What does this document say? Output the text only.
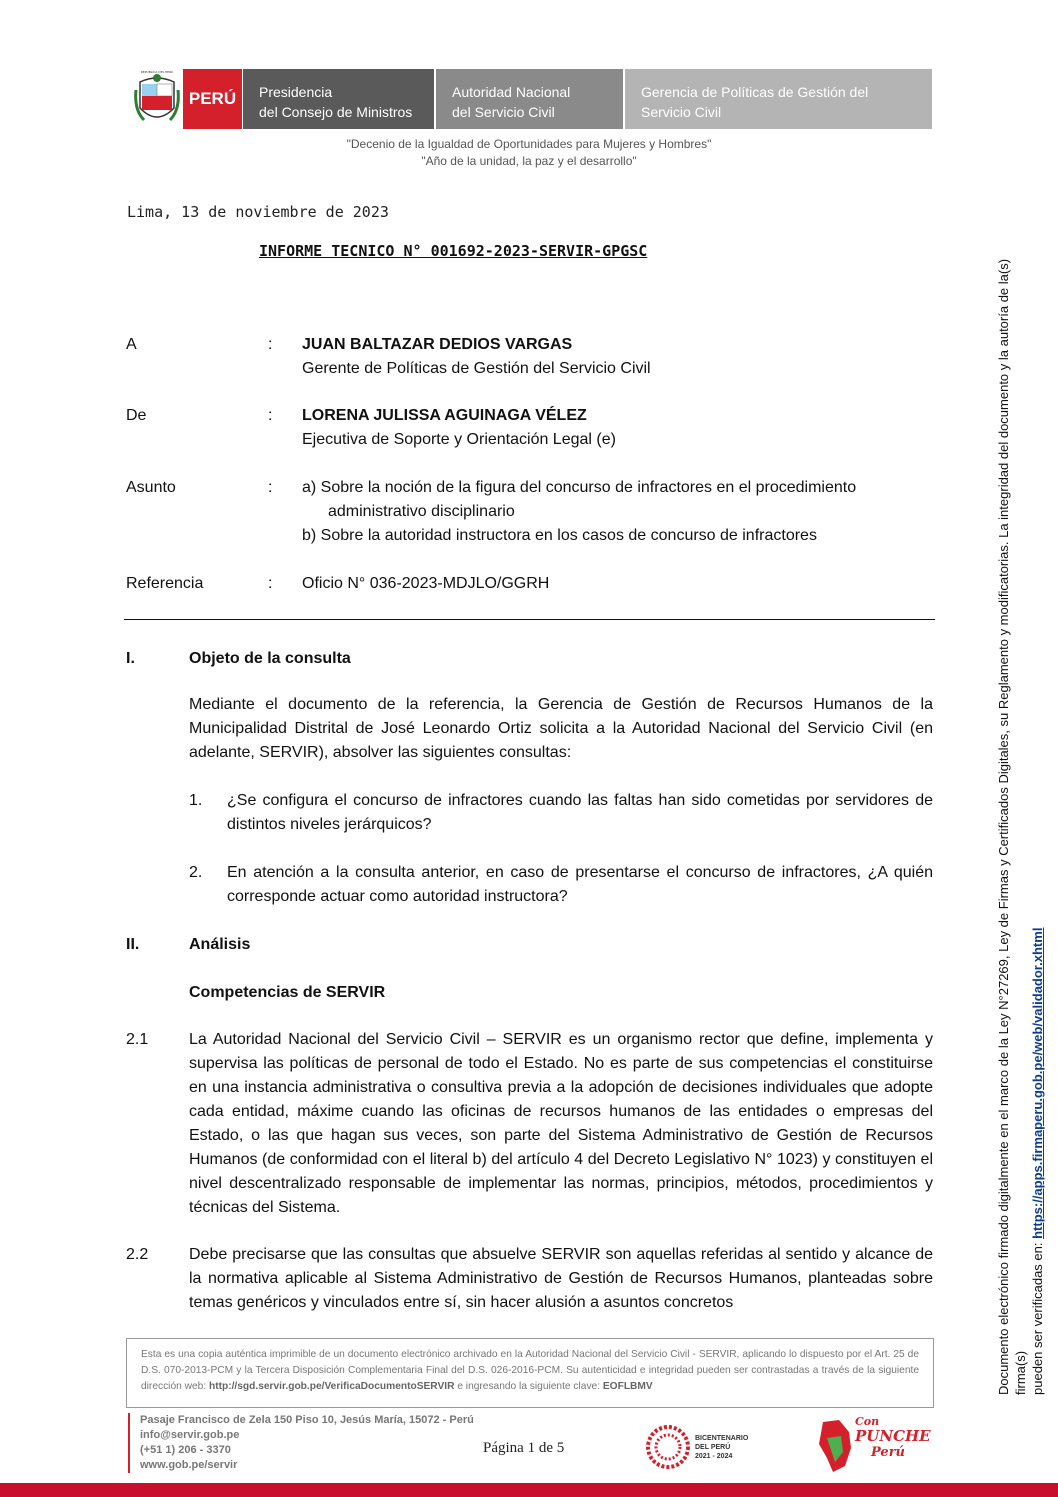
REPÚBLICA DEL PERÚ
PERÚ	Presidencia
del Consejo de Ministros
Autoridad Nacional
del Servicio Civil
Gerencia de Políticas de Gestión del
Servicio Civil
"Decenio de la Igualdad de Oportunidades para Mujeres y Hombres"
"Año de la unidad, la paz y el desarrollo"
Lima, 13 de noviembre de 2023
INFORME TECNICO N° 001692-2023-SERVIR-GPGSC
A	: JUAN BALTAZAR DEDIOS VARGAS
Gerente de Políticas de Gestión del Servicio Civil
De	: LORENA JULISSA AGUINAGA VÉLEZ
Ejecutiva de Soporte y Orientación Legal (e)
Asunto	: a) Sobre la noción de la figura del concurso de infractores en el procedimiento
administrativo disciplinario
b) Sobre la autoridad instructora en los casos de concurso de infractores
Referencia	: Oficio N° 036-2023-MDJLO/GGRH
I.	Objeto de la consulta
Mediante el documento de la referencia, la Gerencia de Gestión de Recursos Humanos de la Municipalidad Distrital de José Leonardo Ortiz solicita a la Autoridad Nacional del Servicio Civil (en adelante, SERVIR), absolver las siguientes consultas:
1. ¿Se configura el concurso de infractores cuando las faltas han sido cometidas por servidores de distintos niveles jerárquicos?
2. En atención a la consulta anterior, en caso de presentarse el concurso de infractores, ¿A quién corresponde actuar como autoridad instructora?
II.	Análisis
Competencias de SERVIR
2.1	La Autoridad Nacional del Servicio Civil – SERVIR es un organismo rector que define, implementa y supervisa las políticas de personal de todo el Estado. No es parte de sus competencias el constituirse en una instancia administrativa o consultiva previa a la adopción de decisiones individuales que adopte cada entidad, máxime cuando las oficinas de recursos humanos de las entidades o empresas del Estado, o las que hagan sus veces, son parte del Sistema Administrativo de Gestión de Recursos Humanos (de conformidad con el literal b) del artículo 4 del Decreto Legislativo N° 1023) y constituyen el nivel descentralizado responsable de implementar las normas, principios, métodos, procedimientos y técnicas del Sistema.
2.2	Debe precisarse que las consultas que absuelve SERVIR son aquellas referidas al sentido y alcance de la normativa aplicable al Sistema Administrativo de Gestión de Recursos Humanos, planteadas sobre temas genéricos y vinculados entre sí, sin hacer alusión a asuntos concretos
Esta es una copia auténtica imprimible de un documento electrónico archivado en la Autoridad Nacional del Servicio Civil - SERVIR, aplicando lo dispuesto por el Art. 25 de D.S. 070-2013-PCM y la Tercera Disposición Complementaria Final del D.S. 026-2016-PCM. Su autenticidad e integridad pueden ser contrastadas a través de la siguiente dirección web: http://sgd.servir.gob.pe/VerificaDocumentoSERVIR e ingresando la siguiente clave: EOFLBMV
Pasaje Francisco de Zela 150 Piso 10, Jesús María, 15072 - Perú
info@servir.gob.pe
(+51 1) 206 - 3370
www.gob.pe/servir
Página 1 de 5
BICENTENARIO
DEL PERÚ
2021 - 2024
Con
PUNCHE
Perú
Documento electrónico firmado digitalmente en el marco de la Ley N°27269, Ley de Firmas y Certificados Digitales, su Reglamento y modificatorias. La integridad del documento y la autoría de la(s) firma(s) pueden ser verificadas en: https://apps.firmaperu.gob.pe/web/validador.xhtml
